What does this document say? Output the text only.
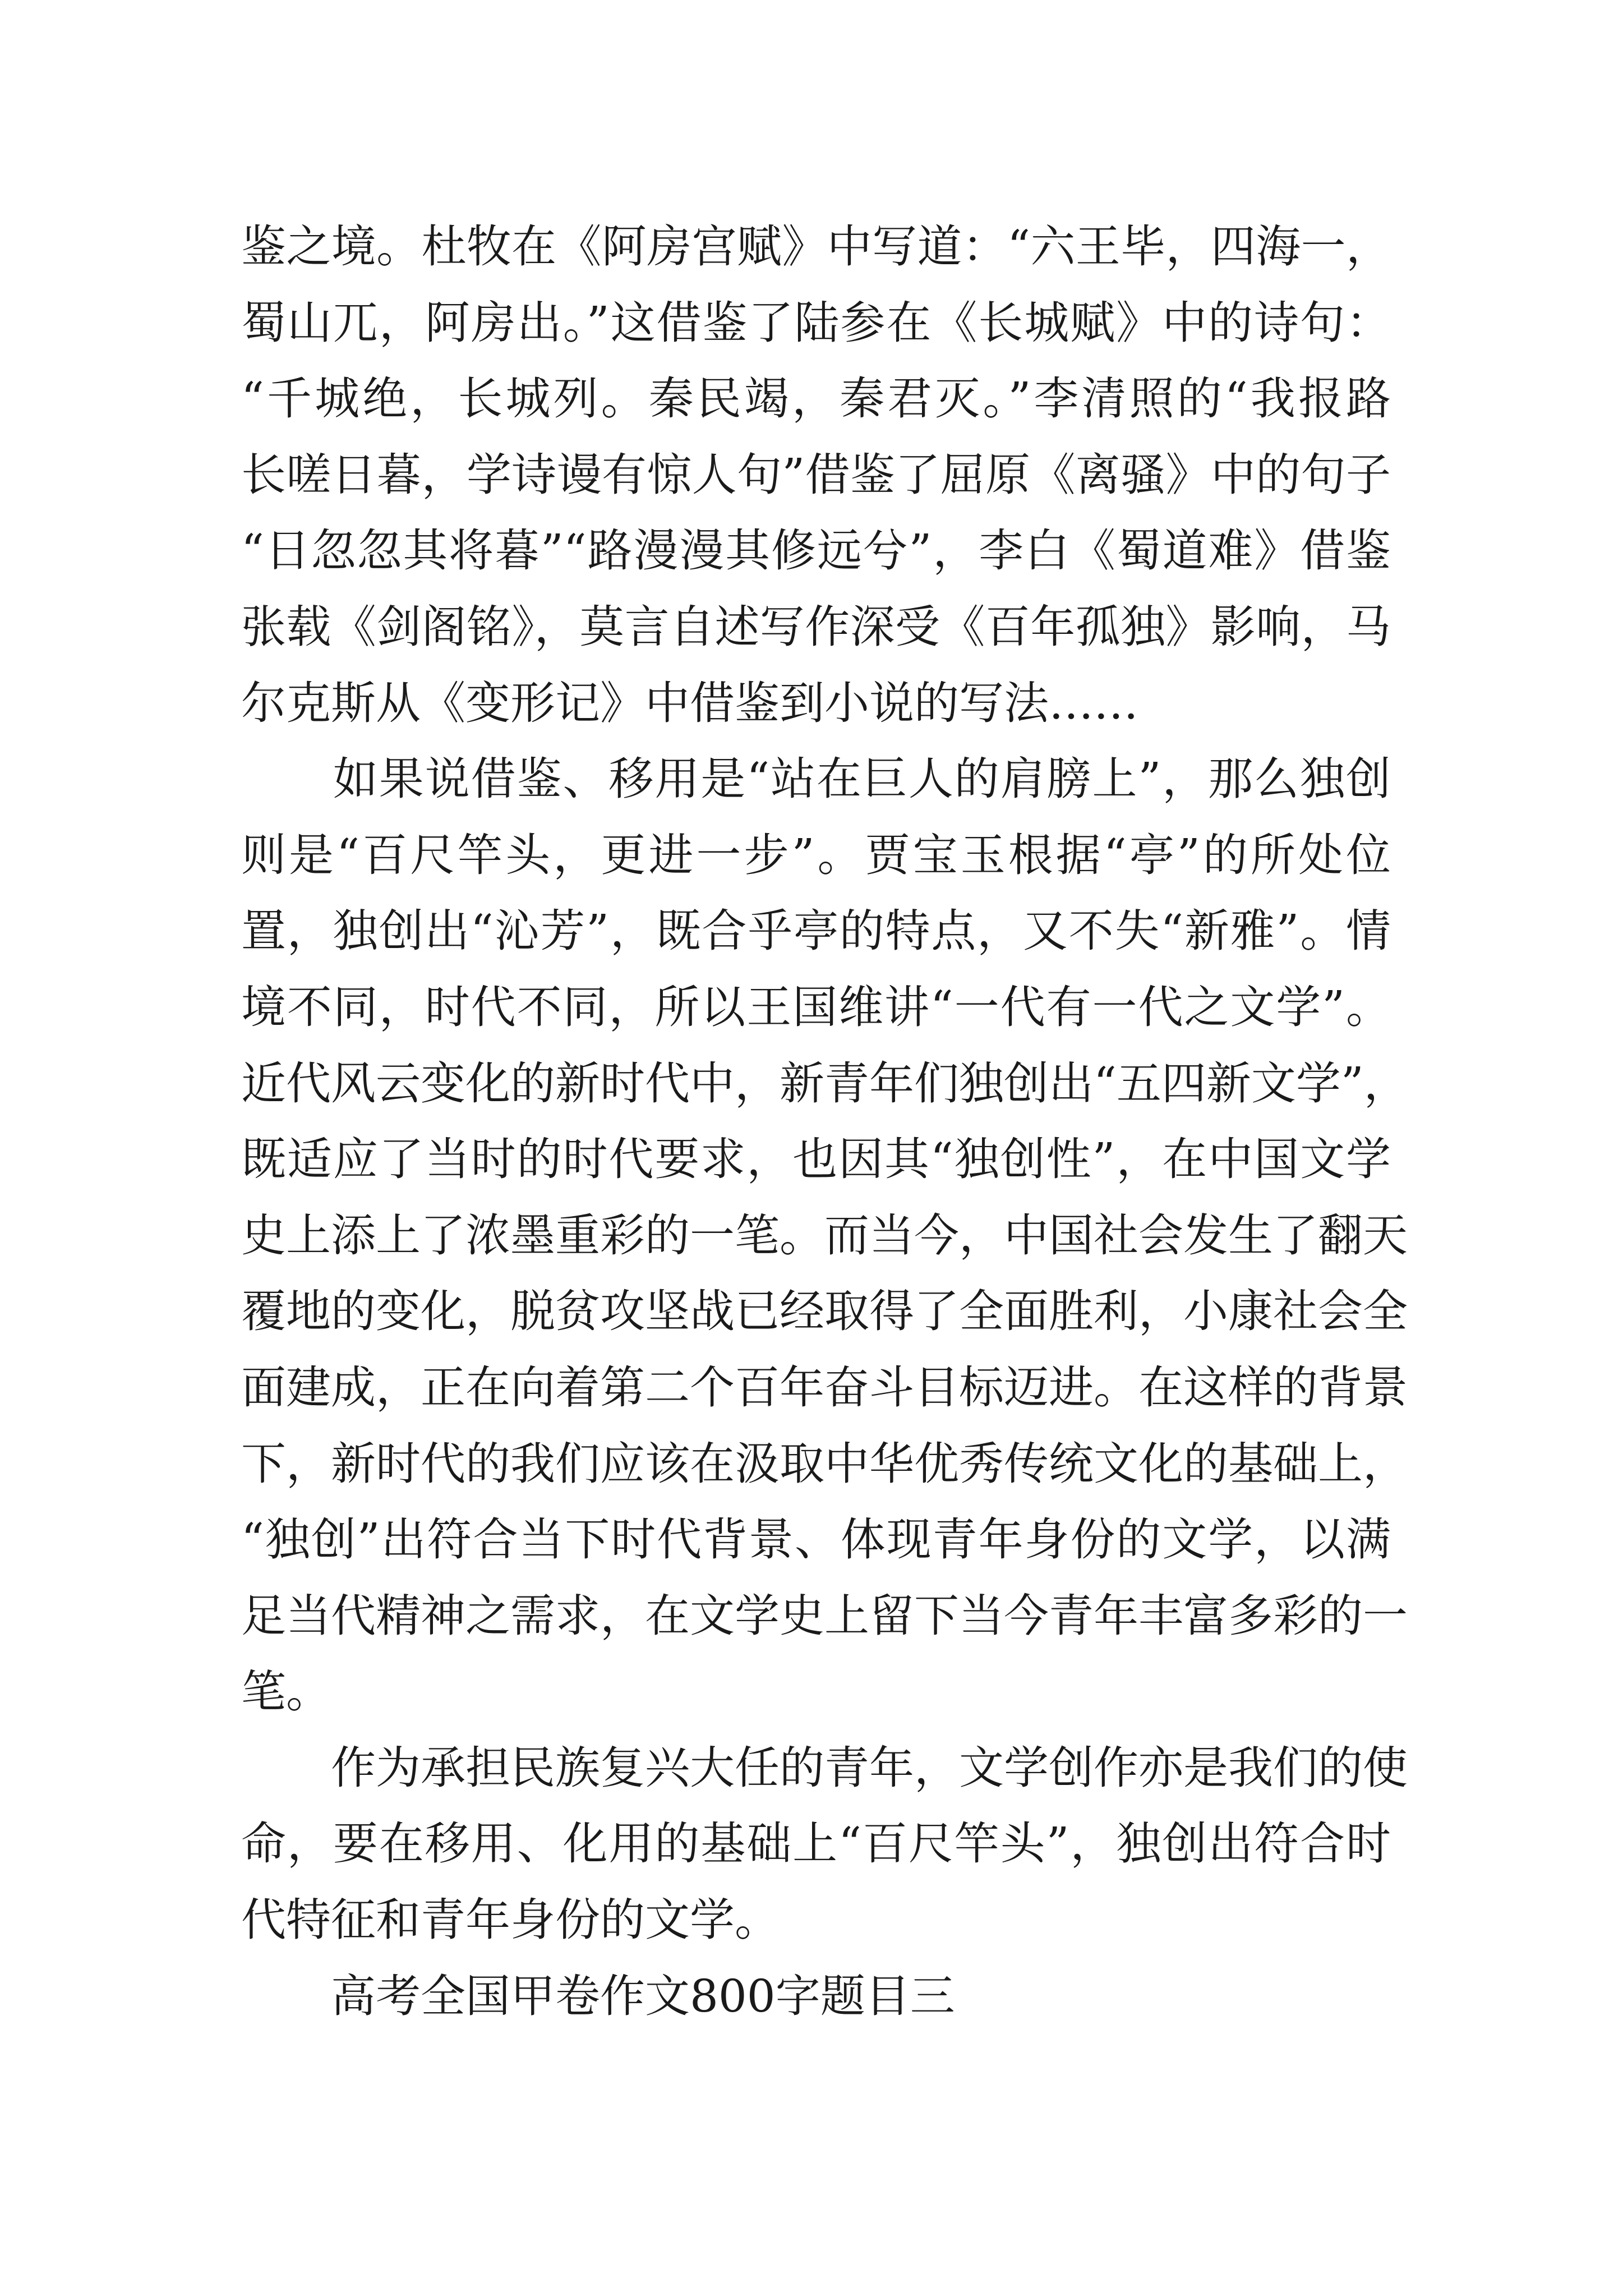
鉴之境。杜牧在《阿房宫赋》中写道：“六王毕，四海一，
蜀山兀，阿房出。”这借鉴了陆参在《长城赋》中的诗句：
“千城绝，长城列。秦民竭，秦君灭。”李清照的“我报路
长嗟日暮，学诗谩有惊人句”借鉴了屈原《离骚》中的句子
“日忽忽其将暮”“路漫漫其修远兮”，李白《蜀道难》借鉴
张载《剑阁铭》，莫言自述写作深受《百年孤独》影响，马
尔克斯从《变形记》中借鉴到小说的写法……
　　如果说借鉴、移用是“站在巨人的肩膀上”，那么独创
则是“百尺竿头，更进一步”。贾宝玉根据“亭”的所处位
置，独创出“沁芳”，既合乎亭的特点，又不失“新雅”。情
境不同，时代不同，所以王国维讲“一代有一代之文学”。
近代风云变化的新时代中，新青年们独创出“五四新文学”，
既适应了当时的时代要求，也因其“独创性”，在中国文学
史上添上了浓墨重彩的一笔。而当今，中国社会发生了翻天
覆地的变化，脱贫攻坚战已经取得了全面胜利，小康社会全
面建成，正在向着第二个百年奋斗目标迈进。在这样的背景
下，新时代的我们应该在汲取中华优秀传统文化的基础上，
“独创”出符合当下时代背景、体现青年身份的文学，以满
足当代精神之需求，在文学史上留下当今青年丰富多彩的一
笔。
　　作为承担民族复兴大任的青年，文学创作亦是我们的使
命，要在移用、化用的基础上“百尺竿头”，独创出符合时
代特征和青年身份的文学。
　　高考全国甲卷作文800字题目三
